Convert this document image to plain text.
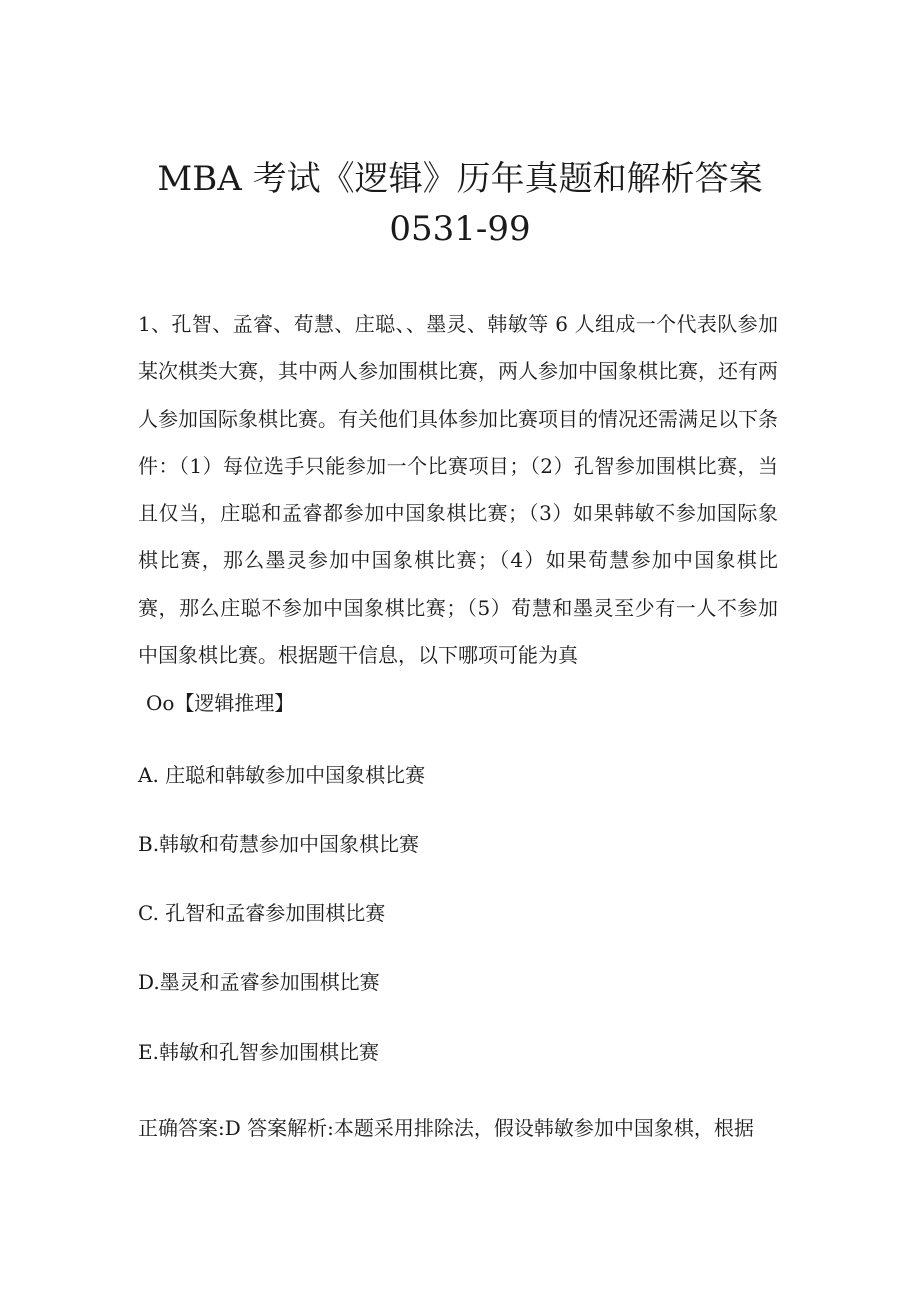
MBA 考试《逻辑》历年真题和解析答案
0531-99

1、孔智、孟睿、荀慧、庄聪、、墨灵、韩敏等 6 人组成一个代表队参加某次棋类大赛，其中两人参加围棋比赛，两人参加中国象棋比赛，还有两人参加国际象棋比赛。有关他们具体参加比赛项目的情况还需满足以下条件：（1）每位选手只能参加一个比赛项目；（2）孔智参加围棋比赛，当且仅当，庄聪和孟睿都参加中国象棋比赛；（3）如果韩敏不参加国际象棋比赛，那么墨灵参加中国象棋比赛；（4）如果荀慧参加中国象棋比赛，那么庄聪不参加中国象棋比赛；（5）荀慧和墨灵至少有一人不参加中国象棋比赛。根据题干信息，以下哪项可能为真

Oo【逻辑推理】

A. 庄聪和韩敏参加中国象棋比赛

B.韩敏和荀慧参加中国象棋比赛

C. 孔智和孟睿参加围棋比赛

D.墨灵和孟睿参加围棋比赛

E.韩敏和孔智参加围棋比赛

正确答案:D 答案解析:本题采用排除法，假设韩敏参加中国象棋，根据
